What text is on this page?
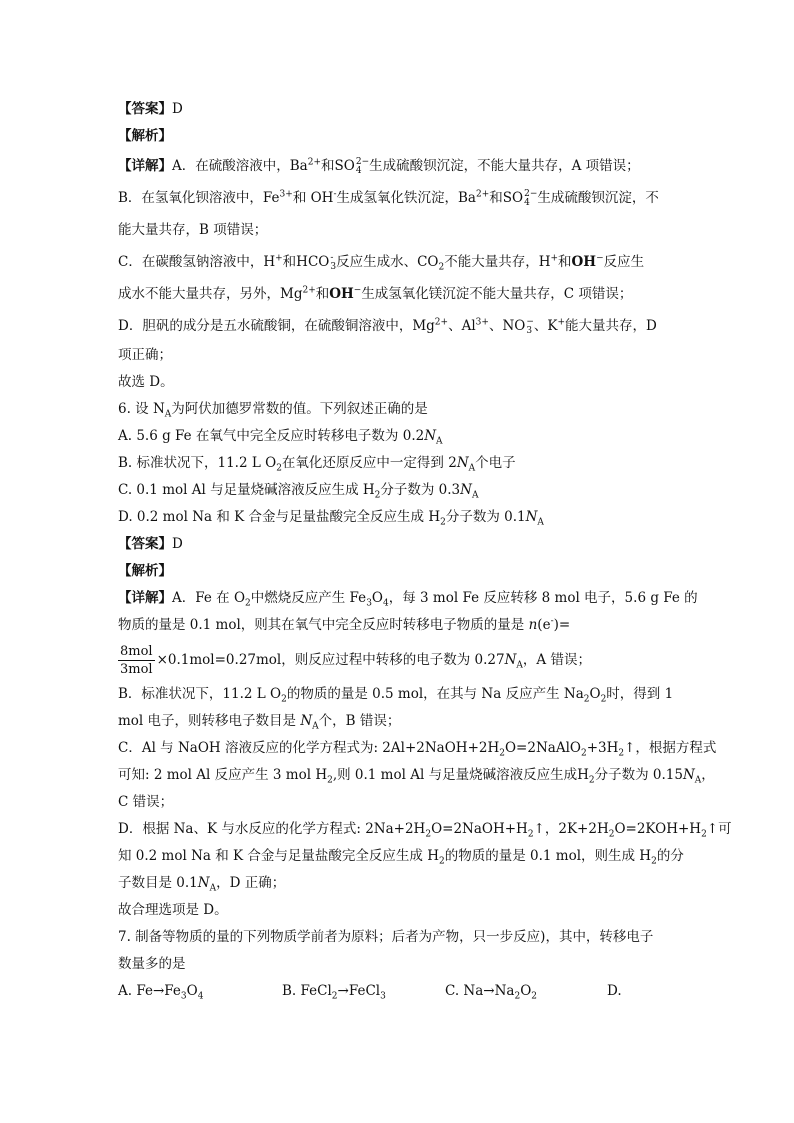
【答案】D
【解析】
【详解】A．在硫酸溶液中，$Ba^{2+}$和SO 2−
4 生成硫酸钡沉淀，不能大量共存，A 项错误；
B．在氢氧化钡溶液中，$Fe^{3+}$和 OH-生成氢氧化铁沉淀，$Ba^{2+}$和SO 2−
4 生成硫酸钡沉淀，不
能大量共存，B 项错误；
C．在碳酸氢钠溶液中，H+和HCO -
3 反应生成水、$CO_2$不能大量共存，H+和OH−反应生
成水不能大量共存，另外，$Mg^{2+}$和OH−生成氢氧化镁沉淀不能大量共存，C 项错误；
D．胆矾的成分是五水硫酸铜，在硫酸铜溶液中，$Mg^{2+}$、$Al^{3+}$、NO −
3 、K+能大量共存，D
项正确；
故选 D。
6. 设 $N_A$为阿伏加德罗常数的值。下列叙述正确的是
A. 5.6 g Fe 在氧气中完全反应时转移电子数为 $0.2N_A$
B. 标准状况下，11.2 L $O_2$在氧化还原反应中一定得到 $2N_A$个电子
C. 0.1 mol Al 与足量烧碱溶液反应生成 $H_2$分子数为 $0.3N_A$
D. 0.2 mol Na 和 K 合金与足量盐酸完全反应生成 $H_2$分子数为 $0.1N_A$
【答案】D
【解析】
【详解】A．Fe 在 $O_2$中燃烧反应产生 $Fe_3O_4$，每 3 mol Fe 反应转移 8 mol 电子，5.6 g Fe 的
物质的量是 0.1 mol，则其在氧气中完全反应时转移电子物质的量是 n(e-)=
$\frac{\text{8mol}}{\text{3mol}} \times 0.1mol=0.27mol$，则反应过程中转移的电子数为 $0.27N_A$，A 错误；
B．标准状况下，11.2 L $O_2$的物质的量是 0.5 mol，在其与 Na 反应产生 $Na_2O_2$时，得到 1
mol 电子，则转移电子数目是 $N_A$个，B 错误；
C．Al 与 NaOH 溶液反应的化学方程式为: $2Al+2NaOH+2H_2O=2NaAlO_2+3H_2↑$，根据方程式
可知: 2 mol Al 反应产生 3 mol $H_2$,则 0.1 mol Al 与足量烧碱溶液反应生成$H_2$分子数为 $0.15N_A$，
C 错误；
D．根据 Na、K 与水反应的化学方程式: $2Na+2H_2O=2NaOH+H_2↑$，$2K+2H_2O=2KOH+H_2↑$可
知 0.2 mol Na 和 K 合金与足量盐酸完全反应生成 $H_2$的物质的量是 0.1 mol，则生成 $H_2$的分
子数目是 $0.1N_A$，D 正确；
故合理选项是 D。
7. 制备等物质的量的下列物质学前者为原料；后者为产物，只一步反应)，其中，转移电子
数量多的是
A. $Fe\to Fe_3O_4$	B. FeCl$_2$→FeCl$_3$	C. $Na\to Na_2O_2$	D.
